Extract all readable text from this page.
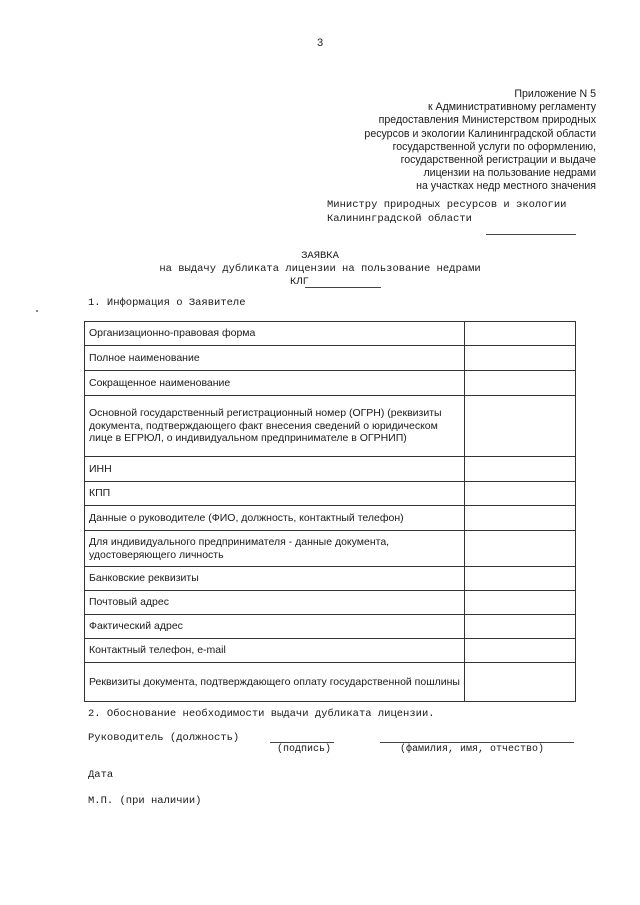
3
Приложение N 5
к Административному регламенту
предоставления Министерством природных
ресурсов и экологии Калининградской области
государственной услуги по оформлению,
государственной регистрации и выдаче
лицензии на пользование недрами
на участках недр местного значения
Министру природных ресурсов и экологии
Калининградской области
ЗАЯВКА
на выдачу дубликата лицензии на пользование недрами
КЛГ
1. Информация о Заявителе
Организационно-правовая форма	
Полное наименование	
Сокращенное наименование	
Основной государственный регистрационный номер (ОГРН) (реквизиты документа, подтверждающего факт внесения сведений о юридическом лице в ЕГРЮЛ, о индивидуальном предпринимателе в ОГРНИП)	
ИНН	
КПП	
Данные о руководителе (ФИО, должность, контактный телефон)	
Для индивидуального предпринимателя - данные документа, удостоверяющего личность	
Банковские реквизиты	
Почтовый адрес	
Фактический адрес	
Контактный телефон, e-mail	
Реквизиты документа, подтверждающего оплату государственной пошлины	
2. Обоснование необходимости выдачи дубликата лицензии.
Руководитель (должность)
(подпись)	(фамилия, имя, отчество)
Дата
М.П. (при наличии)
